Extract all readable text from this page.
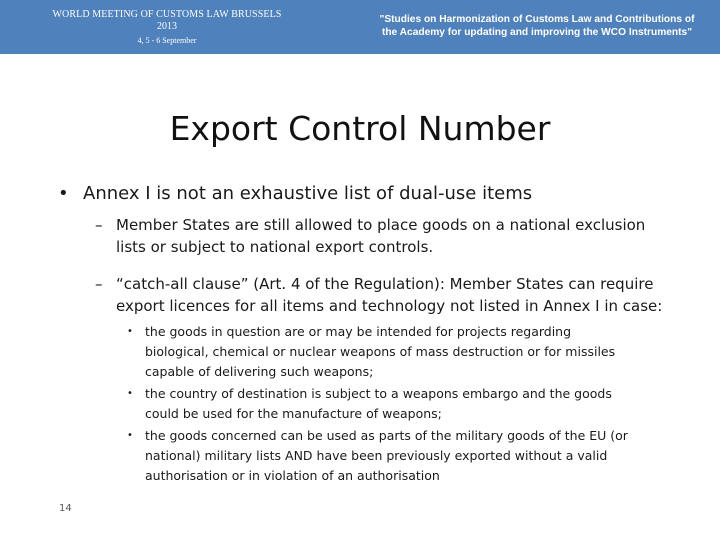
WORLD MEETING OF CUSTOMS LAW BRUSSELS
2013
4, 5 - 6 September
"Studies on Harmonization of Customs Law and Contributions of
the Academy for updating and improving the WCO Instruments"
Export Control Number
• Annex I is not an exhaustive list of dual-use items
– Member States are still allowed to place goods on a national exclusion
lists or subject to national export controls.
– “catch-all clause” (Art. 4 of the Regulation): Member States can require
export licences for all items and technology not listed in Annex I in case:
• the goods in question are or may be intended for projects regarding
biological, chemical or nuclear weapons of mass destruction or for missiles
capable of delivering such weapons;
• the country of destination is subject to a weapons embargo and the goods
could be used for the manufacture of weapons;
• the goods concerned can be used as parts of the military goods of the EU (or
national) military lists AND have been previously exported without a valid
authorisation or in violation of an authorisation
14
